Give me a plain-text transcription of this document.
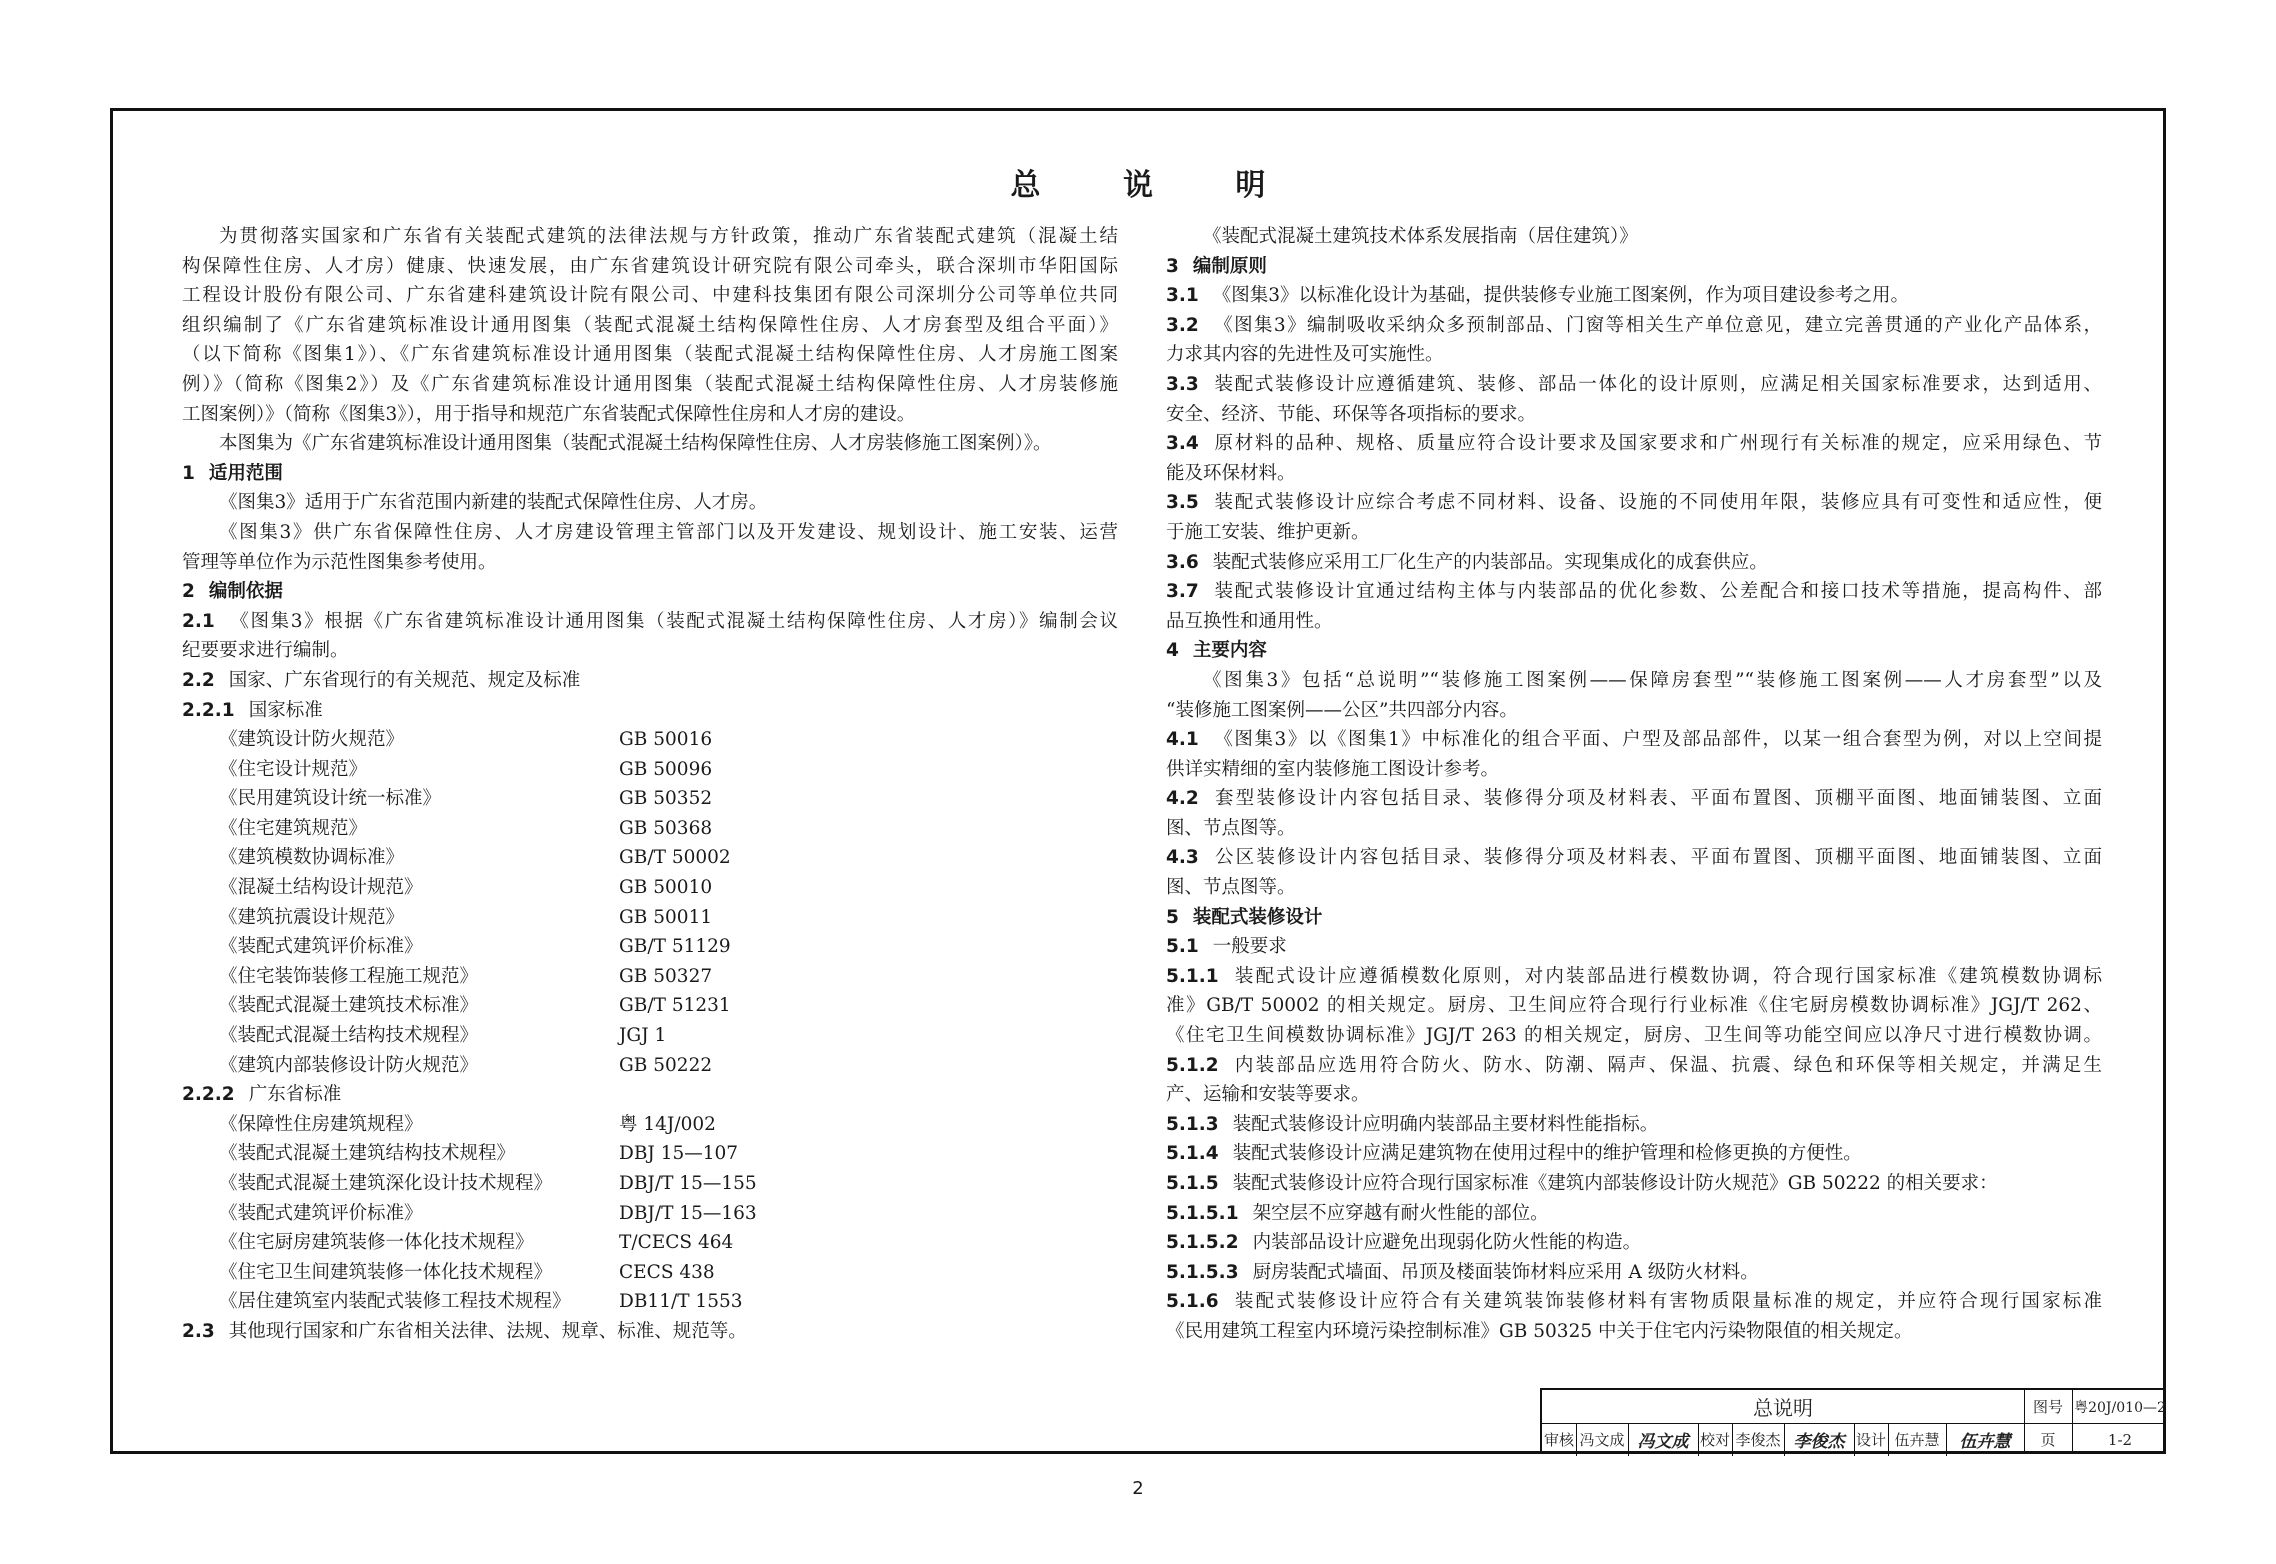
总 说 明
为贯彻落实国家和广东省有关装配式建筑的法律法规与方针政策，推动广东省装配式建筑（混凝土结
构保障性住房、人才房）健康、快速发展，由广东省建筑设计研究院有限公司牵头，联合深圳市华阳国际
工程设计股份有限公司、广东省建科建筑设计院有限公司、中建科技集团有限公司深圳分公司等单位共同
组织编制了《广东省建筑标准设计通用图集（装配式混凝土结构保障性住房、人才房套型及组合平面）》
（以下简称《图集1》）、《广东省建筑标准设计通用图集（装配式混凝土结构保障性住房、人才房施工图案
例）》（简称《图集2》）及《广东省建筑标准设计通用图集（装配式混凝土结构保障性住房、人才房装修施
工图案例）》（简称《图集3》），用于指导和规范广东省装配式保障性住房和人才房的建设。
本图集为《广东省建筑标准设计通用图集（装配式混凝土结构保障性住房、人才房装修施工图案例）》。
1 适用范围
《图集3》适用于广东省范围内新建的装配式保障性住房、人才房。
《图集3》供广东省保障性住房、人才房建设管理主管部门以及开发建设、规划设计、施工安装、运营
管理等单位作为示范性图集参考使用。
2 编制依据
2.1 《图集3》根据《广东省建筑标准设计通用图集（装配式混凝土结构保障性住房、人才房）》编制会议
纪要要求进行编制。
2.2 国家、广东省现行的有关规范、规定及标准
2.2.1 国家标准
《建筑设计防火规范》	GB 50016
《住宅设计规范》	GB 50096
《民用建筑设计统一标准》	GB 50352
《住宅建筑规范》	GB 50368
《建筑模数协调标准》	GB/T 50002
《混凝土结构设计规范》	GB 50010
《建筑抗震设计规范》	GB 50011
《装配式建筑评价标准》	GB/T 51129
《住宅装饰装修工程施工规范》	GB 50327
《装配式混凝土建筑技术标准》	GB/T 51231
《装配式混凝土结构技术规程》	JGJ 1
《建筑内部装修设计防火规范》	GB 50222
2.2.2 广东省标准
《保障性住房建筑规程》	粤 14J/002
《装配式混凝土建筑结构技术规程》	DBJ 15—107
《装配式混凝土建筑深化设计技术规程》	DBJ/T 15—155
《装配式建筑评价标准》	DBJ/T 15—163
《住宅厨房建筑装修一体化技术规程》	T/CECS 464
《住宅卫生间建筑装修一体化技术规程》	CECS 438
《居住建筑室内装配式装修工程技术规程》	DB11/T 1553
2.3 其他现行国家和广东省相关法律、法规、规章、标准、规范等。
《装配式混凝土建筑技术体系发展指南（居住建筑）》
3 编制原则
3.1 《图集3》以标准化设计为基础，提供装修专业施工图案例，作为项目建设参考之用。
3.2 《图集3》编制吸收采纳众多预制部品、门窗等相关生产单位意见，建立完善贯通的产业化产品体系，
力求其内容的先进性及可实施性。
3.3 装配式装修设计应遵循建筑、装修、部品一体化的设计原则，应满足相关国家标准要求，达到适用、
安全、经济、节能、环保等各项指标的要求。
3.4 原材料的品种、规格、质量应符合设计要求及国家要求和广州现行有关标准的规定，应采用绿色、节
能及环保材料。
3.5 装配式装修设计应综合考虑不同材料、设备、设施的不同使用年限，装修应具有可变性和适应性，便
于施工安装、维护更新。
3.6 装配式装修应采用工厂化生产的内装部品。实现集成化的成套供应。
3.7 装配式装修设计宜通过结构主体与内装部品的优化参数、公差配合和接口技术等措施，提高构件、部
品互换性和通用性。
4 主要内容
《图集3》包括“总说明”“装修施工图案例——保障房套型”“装修施工图案例——人才房套型”以及
“装修施工图案例——公区”共四部分内容。
4.1 《图集3》以《图集1》中标准化的组合平面、户型及部品部件，以某一组合套型为例，对以上空间提
供详实精细的室内装修施工图设计参考。
4.2 套型装修设计内容包括目录、装修得分项及材料表、平面布置图、顶棚平面图、地面铺装图、立面
图、节点图等。
4.3 公区装修设计内容包括目录、装修得分项及材料表、平面布置图、顶棚平面图、地面铺装图、立面
图、节点图等。
5 装配式装修设计
5.1 一般要求
5.1.1 装配式设计应遵循模数化原则，对内装部品进行模数协调，符合现行国家标准《建筑模数协调标
准》GB/T 50002 的相关规定。厨房、卫生间应符合现行行业标准《住宅厨房模数协调标准》JGJ/T 262、
《住宅卫生间模数协调标准》JGJ/T 263 的相关规定，厨房、卫生间等功能空间应以净尺寸进行模数协调。
5.1.2 内装部品应选用符合防火、防水、防潮、隔声、保温、抗震、绿色和环保等相关规定，并满足生
产、运输和安装等要求。
5.1.3 装配式装修设计应明确内装部品主要材料性能指标。
5.1.4 装配式装修设计应满足建筑物在使用过程中的维护管理和检修更换的方便性。
5.1.5 装配式装修设计应符合现行国家标准《建筑内部装修设计防火规范》GB 50222 的相关要求：
5.1.5.1 架空层不应穿越有耐火性能的部位。
5.1.5.2 内装部品设计应避免出现弱化防火性能的构造。
5.1.5.3 厨房装配式墙面、吊顶及楼面装饰材料应采用 A 级防火材料。
5.1.6 装配式装修设计应符合有关建筑装饰装修材料有害物质限量标准的规定，并应符合现行国家标准
《民用建筑工程室内环境污染控制标准》GB 50325 中关于住宅内污染物限值的相关规定。
总说明	图号 粤20J/010—2
审核 冯文成 冯文成 校对 李俊杰 李俊杰 设计 伍卉慧	伍卉慧	页	1-2
2
